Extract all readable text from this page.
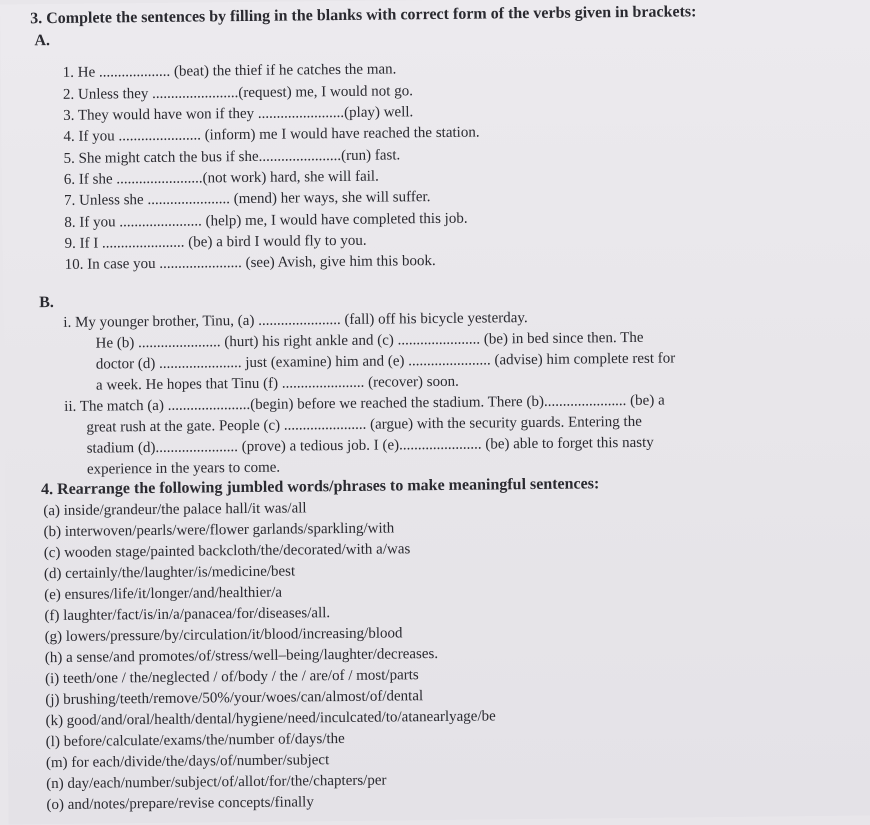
3. Complete the sentences by filling in the blanks with correct form of the verbs given in brackets:
A.
1. He ................... (beat) the thief if he catches the man.
2. Unless they .......................(request) me, I would not go.
3. They would have won if they .......................(play) well.
4. If you ...................... (inform) me I would have reached the station.
5. She might catch the bus if she......................(run) fast.
6. If she .......................(not work) hard, she will fail.
7. Unless she ...................... (mend) her ways, she will suffer.
8. If you ...................... (help) me, I would have completed this job.
9. If I ...................... (be) a bird I would fly to you.
10. In case you ...................... (see) Avish, give him this book.
B.
i. My younger brother, Tinu, (a) ...................... (fall) off his bicycle yesterday.
He (b) ...................... (hurt) his right ankle and (c) ...................... (be) in bed since then. The
doctor (d) ...................... just (examine) him and (e) ...................... (advise) him complete rest for
a week. He hopes that Tinu (f) ...................... (recover) soon.
ii. The match (a) ......................(begin) before we reached the stadium. There (b)...................... (be) a
great rush at the gate. People (c) ...................... (argue) with the security guards. Entering the
stadium (d)...................... (prove) a tedious job. I (e)...................... (be) able to forget this nasty
experience in the years to come.
4. Rearrange the following jumbled words/phrases to make meaningful sentences:
(a) inside/grandeur/the palace hall/it was/all
(b) interwoven/pearls/were/flower garlands/sparkling/with
(c) wooden stage/painted backcloth/the/decorated/with a/was
(d) certainly/the/laughter/is/medicine/best
(e) ensures/life/it/longer/and/healthier/a
(f) laughter/fact/is/in/a/panacea/for/diseases/all.
(g) lowers/pressure/by/circulation/it/blood/increasing/blood
(h) a sense/and promotes/of/stress/well–being/laughter/decreases.
(i) teeth/one / the/neglected / of/body / the / are/of / most/parts
(j) brushing/teeth/remove/50%/your/woes/can/almost/of/dental
(k) good/and/oral/health/dental/hygiene/need/inculcated/to/atanearlyage/be
(l) before/calculate/exams/the/number of/days/the
(m) for each/divide/the/days/of/number/subject
(n) day/each/number/subject/of/allot/for/the/chapters/per
(o) and/notes/prepare/revise concepts/finally
